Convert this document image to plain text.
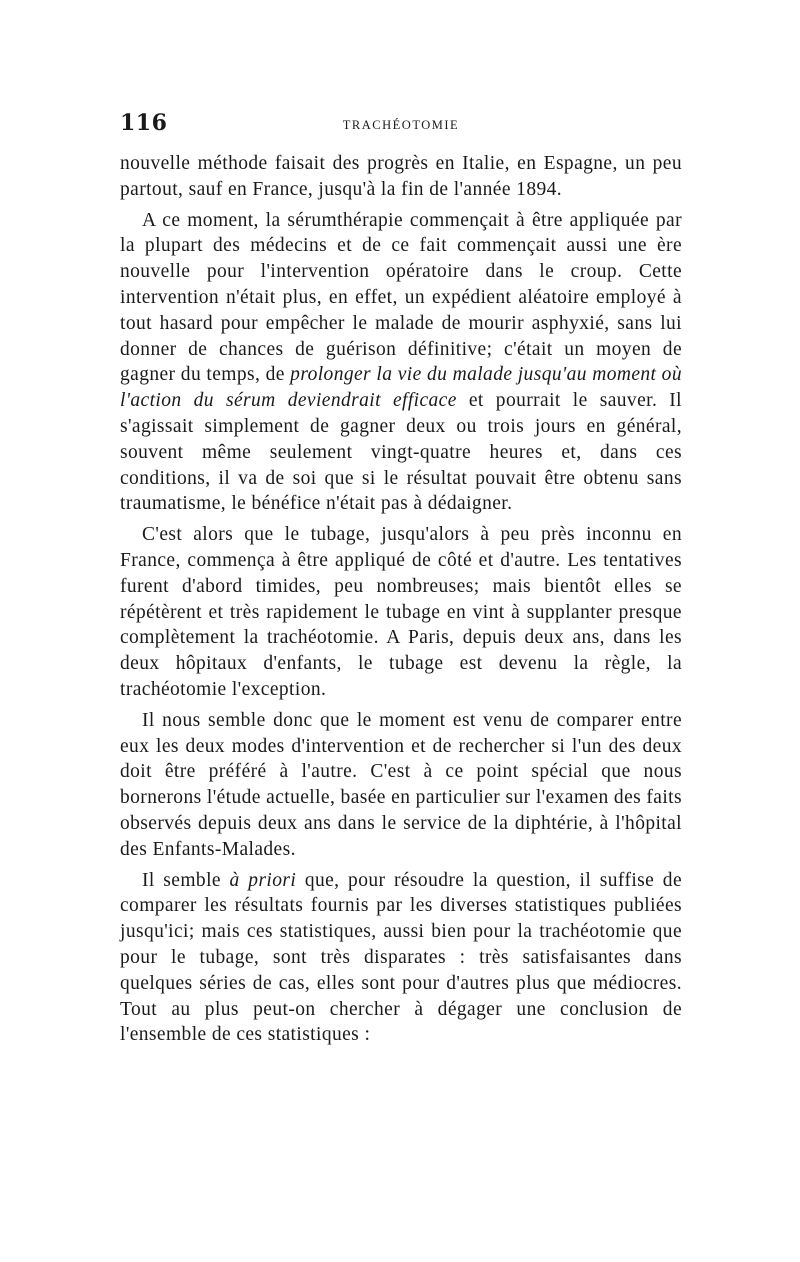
116	TRACHÉOTOMIE

nouvelle méthode faisait des progrès en Italie, en Espagne, un peu partout, sauf en France, jusqu'à la fin de l'année 1894.

A ce moment, la sérumthérapie commençait à être appliquée par la plupart des médecins et de ce fait commençait aussi une ère nouvelle pour l'intervention opératoire dans le croup. Cette intervention n'était plus, en effet, un expédient aléatoire employé à tout hasard pour empêcher le malade de mourir asphyxié, sans lui donner de chances de guérison définitive; c'était un moyen de gagner du temps, de prolonger la vie du malade jusqu'au moment où l'action du sérum deviendrait efficace et pourrait le sauver. Il s'agissait simplement de gagner deux ou trois jours en général, souvent même seulement vingt-quatre heures et, dans ces conditions, il va de soi que si le résultat pouvait être obtenu sans traumatisme, le bénéfice n'était pas à dédaigner.

C'est alors que le tubage, jusqu'alors à peu près inconnu en France, commença à être appliqué de côté et d'autre. Les tentatives furent d'abord timides, peu nombreuses; mais bientôt elles se répétèrent et très rapidement le tubage en vint à supplanter presque complètement la trachéotomie. A Paris, depuis deux ans, dans les deux hôpitaux d'enfants, le tubage est devenu la règle, la trachéotomie l'exception.

Il nous semble donc que le moment est venu de comparer entre eux les deux modes d'intervention et de rechercher si l'un des deux doit être préféré à l'autre. C'est à ce point spécial que nous bornerons l'étude actuelle, basée en particulier sur l'examen des faits observés depuis deux ans dans le service de la diphtérie, à l'hôpital des Enfants-Malades.

Il semble à priori que, pour résoudre la question, il suffise de comparer les résultats fournis par les diverses statistiques publiées jusqu'ici; mais ces statistiques, aussi bien pour la trachéotomie que pour le tubage, sont très disparates : très satisfaisantes dans quelques séries de cas, elles sont pour d'autres plus que médiocres. Tout au plus peut-on chercher à dégager une conclusion de l'ensemble de ces statistiques :
